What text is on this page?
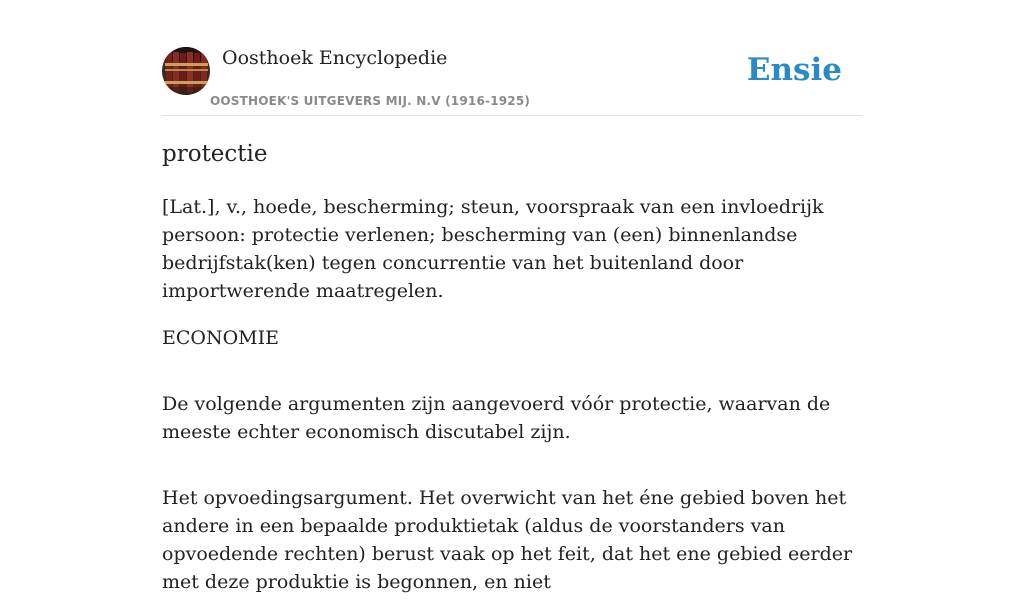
Oosthoek Encyclopedie
OOSTHOEK'S UITGEVERS MIJ. N.V (1916-1925)
Ensie
protectie

[Lat.], v., hoede, bescherming; steun, voorspraak van een invloedrijk persoon: protectie verlenen; bescherming van (een) binnenlandse bedrijfstak(ken) tegen concurrentie van het buitenland door importwerende maatregelen.

ECONOMIE

De volgende argumenten zijn aangevoerd vóór protectie, waarvan de meeste echter economisch discutabel zijn.

Het opvoedingsargument. Het overwicht van het éne gebied boven het andere in een bepaalde produktietak (aldus de voorstanders van opvoedende rechten) berust vaak op het feit, dat het ene gebied eerder met deze produktie is begonnen, en niet
